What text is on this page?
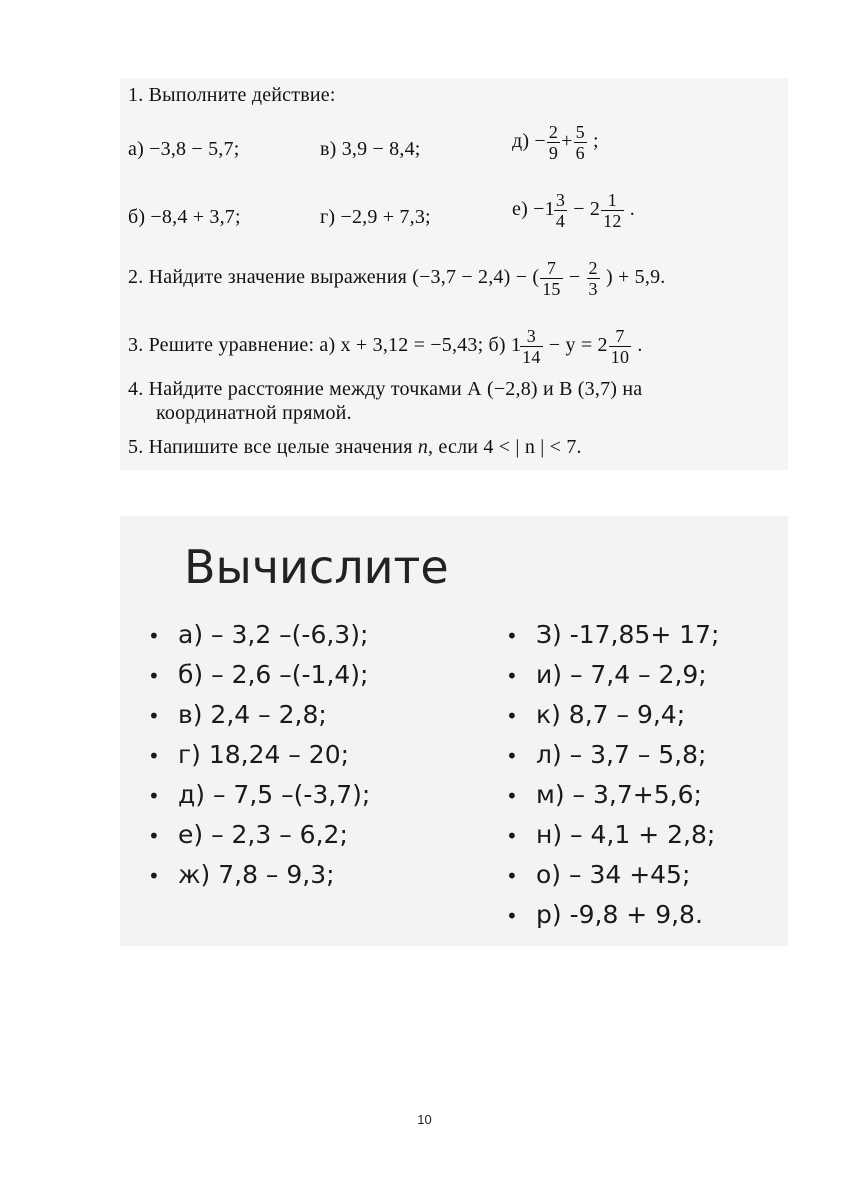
1. Выполните действие:
а) −3,8 − 5,7;	в) 3,9 − 8,4;	$д) - \frac{2}{9} + \frac{5}{6}$ ;
б) −8,4 + 3,7;	г) −2,9 + 7,3;	$е) -1 \frac{3}{4} - 2 \frac{1}{12}$ .
2. Найдите значение выражения (−3,7 − 2,4) − ( $\frac{7}{15} - \frac{2}{3}$ ) + 5,9.
3. Решите уравнение: а) x + 3,12 = −5,43; б) $1 \frac{3}{14} - y = 2 \frac{7}{10}$ .
4. Найдите расстояние между точками А (−2,8) и В (3,7) на
координатной прямой.
5. Напишите все целые значения n, если 4 < | n | < 7.
Вычислите
• а) – 3,2 –(-6,3);
• б) – 2,6 –(-1,4);
• в) 2,4 – 2,8;
• г) 18,24 – 20;
• д) – 7,5 –(-3,7);
• е) – 2,3 – 6,2;
• ж) 7,8 – 9,3;
• З) -17,85+ 17;
• и) – 7,4 – 2,9;
• к) 8,7 – 9,4;
• л) – 3,7 – 5,8;
• м) – 3,7+5,6;
• н) – 4,1 + 2,8;
• о) – 34 +45;
• р) -9,8 + 9,8.
10
